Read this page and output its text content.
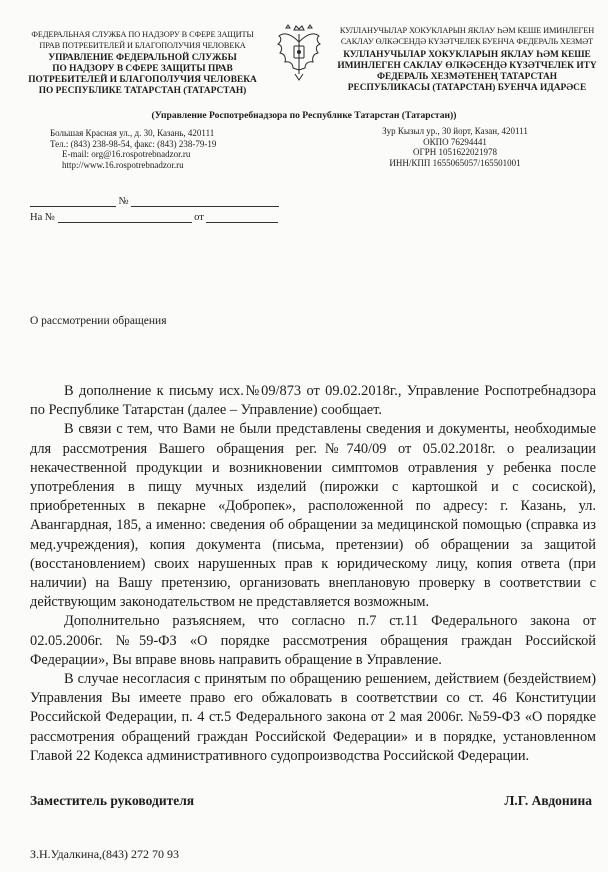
ФЕДЕРАЛЬНАЯ СЛУЖБА ПО НАДЗОРУ В СФЕРЕ ЗАЩИТЫ
ПРАВ ПОТРЕБИТЕЛЕЙ И БЛАГОПОЛУЧИЯ ЧЕЛОВЕКА
УПРАВЛЕНИЕ ФЕДЕРАЛЬНОЙ СЛУЖБЫ
ПО НАДЗОРУ В СФЕРЕ ЗАЩИТЫ ПРАВ
ПОТРЕБИТЕЛЕЙ И БЛАГОПОЛУЧИЯ ЧЕЛОВЕКА
ПО РЕСПУБЛИКЕ ТАТАРСТАН (ТАТАРСТАН)
КУЛЛАНУЧЫЛАР ХОКУКЛАРЫН ЯКЛАУ ҺӘМ КЕШЕ ИМИНЛЕГЕН
САКЛАУ ӨЛКӘСЕНДӘ КҮЗӘТЧЕЛЕК БУЕНЧА ФЕДЕРАЛЬ ХЕЗМӘТ
КУЛЛАНУЧЫЛАР ХОКУКЛАРЫН ЯКЛАУ ҺӘМ КЕШЕ
ИМИНЛЕГЕН САКЛАУ ӨЛКӘСЕНДӘ КҮЗӘТЧЕЛЕК ИТҮ
ФЕДЕРАЛЬ ХЕЗМӘТЕНЕҢ ТАТАРСТАН
РЕСПУБЛИКАСЫ (ТАТАРСТАН) БУЕНЧА ИДАРӘСЕ
(Управление Роспотребнадзора по Республике Татарстан (Татарстан))
Большая Красная ул., д. 30, Казань, 420111
Тел.: (843) 238-98-54, факс: (843) 238-79-19
E-mail: org@16.rospotrebnadzor.ru
http://www.16.rospotrebnadzor.ru
Зур Кызыл ур., 30 йорт, Казан, 420111
ОКПО 76294441
ОГРН 1051622021978
ИНН/КПП 1655065057/165501001
№
На №	от
О рассмотрении обращения

В дополнение к письму исх.№09/873 от 09.02.2018г., Управление Роспотребнадзора по Республике Татарстан (далее – Управление) сообщает.

В связи с тем, что Вами не были представлены сведения и документы, необходимые для рассмотрения Вашего обращения рег.№740/09 от 05.02.2018г. о реализации некачественной продукции и возникновении симптомов отравления у ребенка после употребления в пищу мучных изделий (пирожки с картошкой и с сосиской), приобретенных в пекарне «Добропек», расположенной по адресу: г. Казань, ул. Авангардная, 185, а именно: сведения об обращении за медицинской помощью (справка из мед.учреждения), копия документа (письма, претензии) об обращении за защитой (восстановлением) своих нарушенных прав к юридическому лицу, копия ответа (при наличии) на Вашу претензию, организовать внеплановую проверку в соответствии с действующим законодательством не представляется возможным.

Дополнительно разъясняем, что согласно п.7 ст.11 Федерального закона от 02.05.2006г. №59-ФЗ «О порядке рассмотрения обращения граждан Российской Федерации», Вы вправе вновь направить обращение в Управление.

В случае несогласия с принятым по обращению решением, действием (бездействием) Управления Вы имеете право его обжаловать в соответствии со ст. 46 Конституции Российской Федерации, п. 4 ст.5 Федерального закона от 2 мая 2006г. №59-ФЗ «О порядке рассмотрения обращений граждан Российской Федерации» и в порядке, установленном Главой 22 Кодекса административного судопроизводства Российской Федерации.

Заместитель руководителя	Л.Г. Авдонина
З.Н.Удалкина,(843) 272 70 93
